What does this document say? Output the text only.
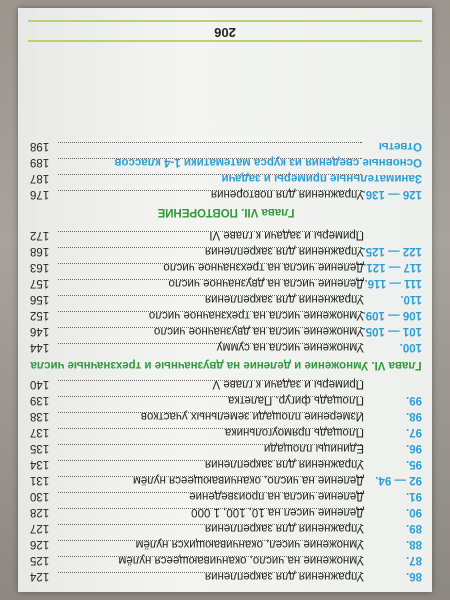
206
86.Упражнения для закрепления
124
87.Умножение на число, оканчивающееся нулём
125
88.Умножение чисел, оканчивающихся нулём
126
89.Упражнения для закрепления
127
90.Деление чисел на 10, 100, 1 000
128
91.Деление числа на произведение
130
92 — 94.Деление на число, оканчивающееся нулём
131
95.Упражнения для закрепления
134
96.Единицы площади
135
97.Площадь прямоугольника
137
98.Измерение площади земельных участков
138
99.Площадь фигур. Палетка
139
Примеры и задачи к главе V
140
Глава VI. Умножение и деление на двузначные и трехзначные числа
100.Умножение числа на сумму
144
101 — 105.Умножение числа на двузначное число
146
106 — 109.Умножение числа на трехзначное число
152
110.Упражнения для закрепления
156
111 — 116.Деление числа на двузначное число
157
117 — 121.Деление числа на трехзначное число
163
122 — 125.Упражнения для закрепления
168
Примеры и задачи к главе VI
172
Глава VII. ПОВТОРЕНИЕ
126 — 136.Упражнения для повторения
176
Занимательные примеры и задачи
187
Основные сведения из курса математики 1-4 классов
189
Ответы
198
